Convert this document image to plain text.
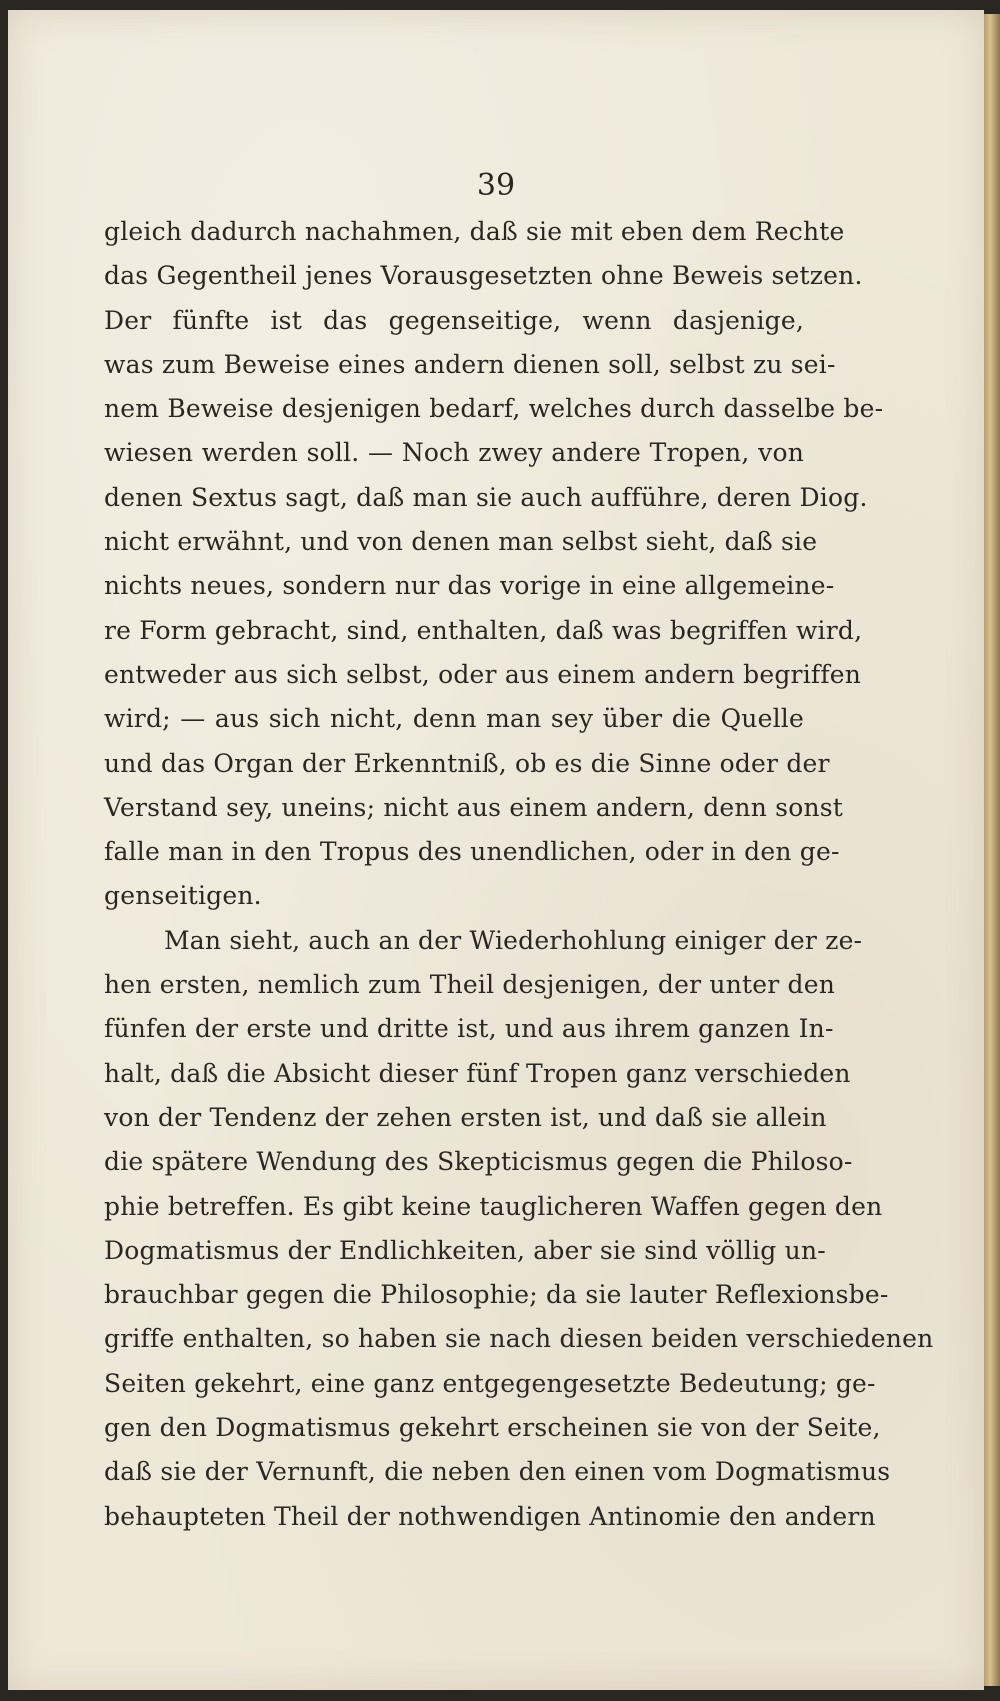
39
gleich dadurch nachahmen, daß sie mit eben dem Rechte
das Gegentheil jenes Vorausgesetzten ohne Beweis setzen.
Der fünfte ist das gegenseitige, wenn dasjenige,
was zum Beweise eines andern dienen soll, selbst zu sei-
nem Beweise desjenigen bedarf, welches durch dasselbe be-
wiesen werden soll. — Noch zwey andere Tropen, von
denen Sextus sagt, daß man sie auch aufführe, deren Diog.
nicht erwähnt, und von denen man selbst sieht, daß sie
nichts neues, sondern nur das vorige in eine allgemeine-
re Form gebracht, sind, enthalten, daß was begriffen wird,
entweder aus sich selbst, oder aus einem andern begriffen
wird; — aus sich nicht, denn man sey über die Quelle
und das Organ der Erkenntniß, ob es die Sinne oder der
Verstand sey, uneins; nicht aus einem andern, denn sonst
falle man in den Tropus des unendlichen, oder in den ge-
genseitigen.
Man sieht, auch an der Wiederhohlung einiger der ze-
hen ersten, nemlich zum Theil desjenigen, der unter den
fünfen der erste und dritte ist, und aus ihrem ganzen In-
halt, daß die Absicht dieser fünf Tropen ganz verschieden
von der Tendenz der zehen ersten ist, und daß sie allein
die spätere Wendung des Skepticismus gegen die Philoso-
phie betreffen. Es gibt keine tauglicheren Waffen gegen den
Dogmatismus der Endlichkeiten, aber sie sind völlig un-
brauchbar gegen die Philosophie; da sie lauter Reflexionsbe-
griffe enthalten, so haben sie nach diesen beiden verschiedenen
Seiten gekehrt, eine ganz entgegengesetzte Bedeutung; ge-
gen den Dogmatismus gekehrt erscheinen sie von der Seite,
daß sie der Vernunft, die neben den einen vom Dogmatismus
behaupteten Theil der nothwendigen Antinomie den andern
